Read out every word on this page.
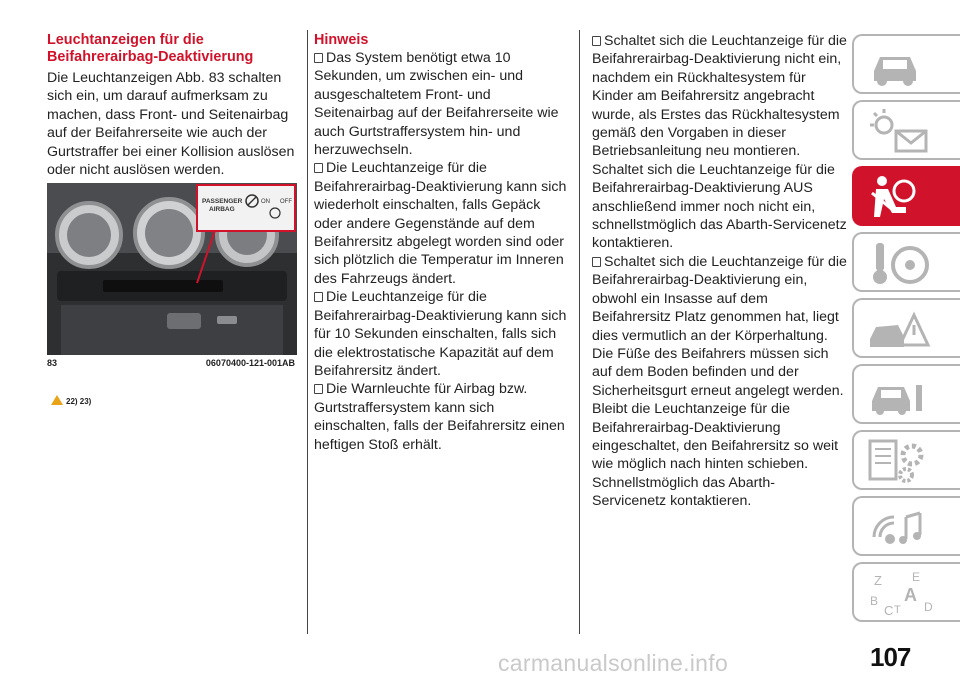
Leuchtanzeigen für die
Beifahrerairbag-Deaktivierung

Die Leuchtanzeigen Abb. 83 schalten sich ein, um darauf aufmerksam zu machen, dass Front- und Seitenairbag auf der Beifahrerseite wie auch der Gurtstraffer bei einer Kollision auslösen oder nicht auslösen werden.

PASSENGER
AIRBAG
ON OFF
83	06070400-121-001AB
22) 23)
Hinweis

Das System benötigt etwa 10 Sekunden, um zwischen ein- und ausgeschaltetem Front- und Seitenairbag auf der Beifahrerseite wie auch Gurtstraffersystem hin- und herzuwechseln.

Die Leuchtanzeige für die Beifahrerairbag-Deaktivierung kann sich wiederholt einschalten, falls Gepäck oder andere Gegenstände auf dem Beifahrersitz abgelegt worden sind oder sich plötzlich die Temperatur im Inneren des Fahrzeugs ändert.

Die Leuchtanzeige für die Beifahrerairbag-Deaktivierung kann sich für 10 Sekunden einschalten, falls sich die elektrostatische Kapazität auf dem Beifahrersitz ändert.

Die Warnleuchte für Airbag bzw. Gurtstraffersystem kann sich einschalten, falls der Beifahrersitz einen heftigen Stoß erhält.

Schaltet sich die Leuchtanzeige für die Beifahrerairbag-Deaktivierung nicht ein, nachdem ein Rückhaltesystem für Kinder am Beifahrersitz angebracht wurde, als Erstes das Rückhaltesystem gemäß den Vorgaben in dieser Betriebsanleitung neu montieren. Schaltet sich die Leuchtanzeige für die Beifahrerairbag-Deaktivierung AUS anschließend immer noch nicht ein, schnellstmöglich das Abarth-Servicenetz kontaktieren.

Schaltet sich die Leuchtanzeige für die Beifahrerairbag-Deaktivierung ein, obwohl ein Insasse auf dem Beifahrersitz Platz genommen hat, liegt dies vermutlich an der Körperhaltung. Die Füße des Beifahrers müssen sich auf dem Boden befinden und der Sicherheitsgurt erneut angelegt werden. Bleibt die Leuchtanzeige für die Beifahrerairbag-Deaktivierung eingeschaltet, den Beifahrersitz so weit wie möglich nach hinten schieben. Schnellstmöglich das Abarth-Servicenetz kontaktieren.

Z	E
A
B
C T D
107
carmanualsonline.info
